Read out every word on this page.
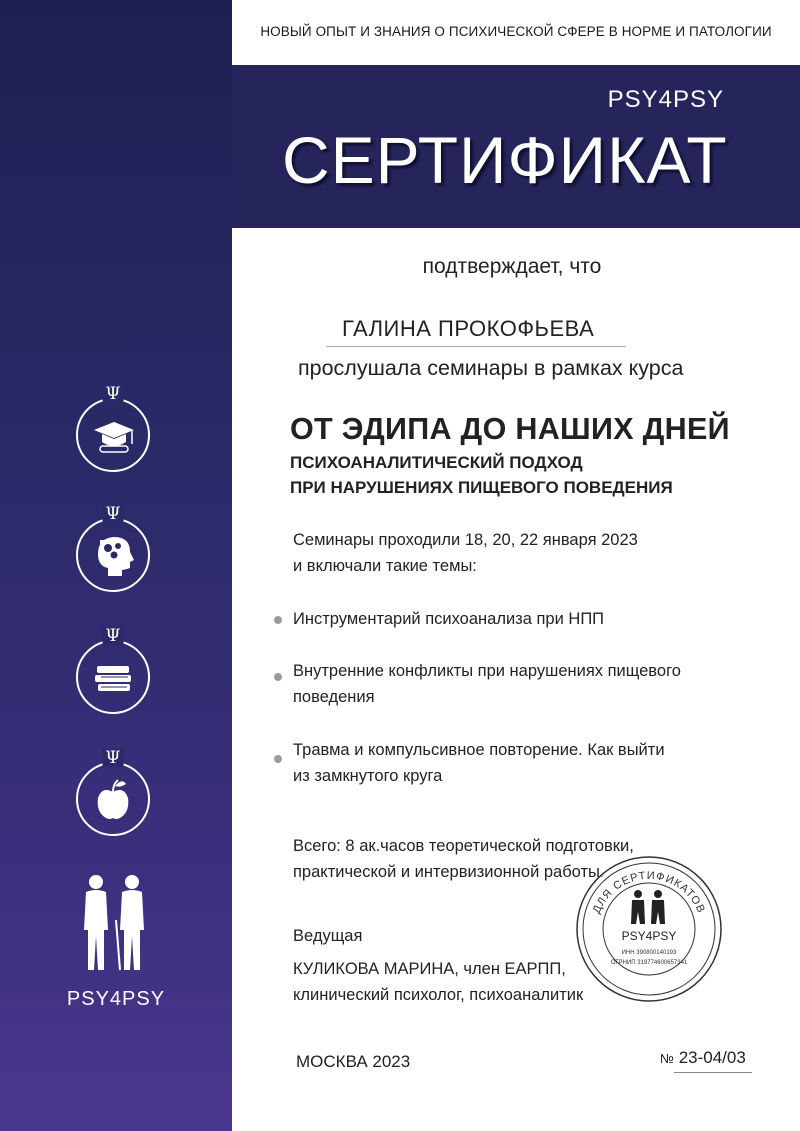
Ψ
Ψ
Ψ
Ψ
PSY4PSY
НОВЫЙ ОПЫТ И ЗНАНИЯ О ПСИХИЧЕСКОЙ СФЕРЕ В НОРМЕ И ПАТОЛОГИИ
PSY4PSY
СЕРТИФИКАТ
подтверждает, что
ГАЛИНА ПРОКОФЬЕВА
прослушала семинары в рамках курса
ОТ ЭДИПА ДО НАШИХ ДНЕЙ
ПСИХОАНАЛИТИЧЕСКИЙ ПОДХОД
ПРИ НАРУШЕНИЯХ ПИЩЕВОГО ПОВЕДЕНИЯ
Семинары проходили 18, 20, 22 января 2023
и включали такие темы:
Инструментарий психоанализа при НПП
Внутренние конфликты при нарушениях пищевого
поведения
Травма и компульсивное повторение. Как выйти
из замкнутого круга
Всего: 8 ак.часов теоретической подготовки,
практической и интервизионной работы.
Ведущая
КУЛИКОВА МАРИНА, член ЕАРПП,
клинический психолог, психоаналитик
МОСКВА 2023	№ 23-04/03
ДЛЯ СЕРТИФИКАТОВ
PSY4PSY
ИНН 390800140193
ОГРНИП 319774600657341
